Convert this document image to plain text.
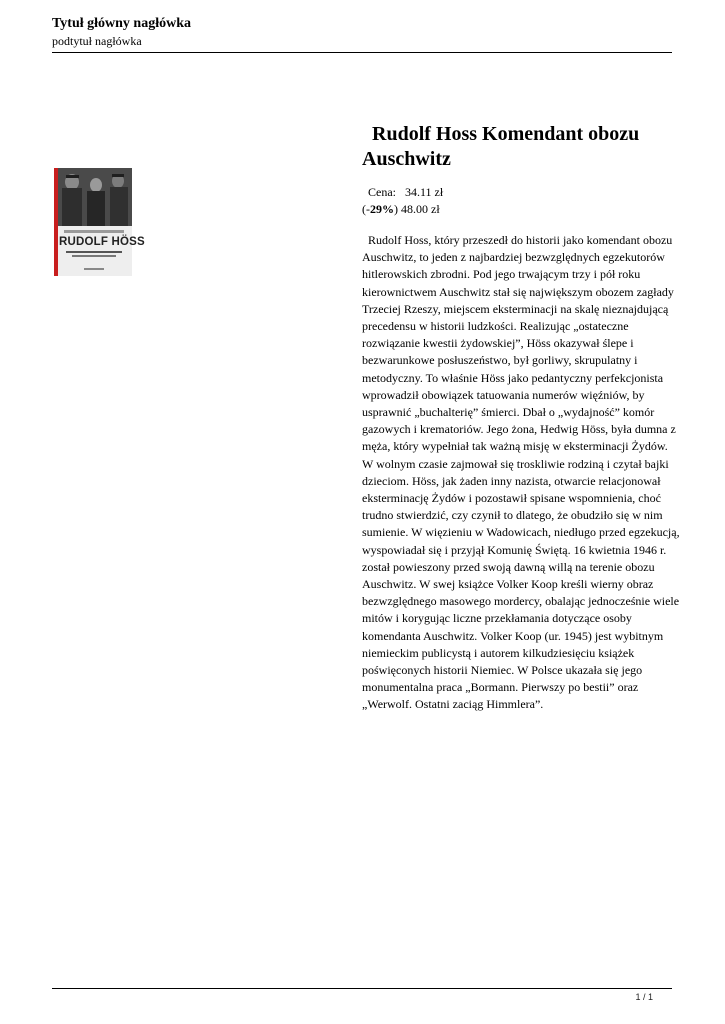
Tytuł główny nagłówka
podtytuł nagłówka
RUDOLF HÖSS
Rudolf Hoss Komendant obozu Auschwitz
Cena: 34.11 zł
(-29%) 48.00 zł

Rudolf Hoss, który przeszedł do historii jako komendant obozu Auschwitz, to jeden z najbardziej bezwzględnych egzekutorów hitlerowskich zbrodni. Pod jego trwającym trzy i pół roku kierownictwem Auschwitz stał się największym obozem zagłady Trzeciej Rzeszy, miejscem eksterminacji na skalę nieznajdującą precedensu w historii ludzkości. Realizując „ostateczne rozwiązanie kwestii żydowskiej”, Höss okazywał ślepe i bezwarunkowe posłuszeństwo, był gorliwy, skrupulatny i metodyczny. To właśnie Höss jako pedantyczny perfekcjonista wprowadził obowiązek tatuowania numerów więźniów, by usprawnić „buchalterię” śmierci. Dbał o „wydajność” komór gazowych i krematoriów. Jego żona, Hedwig Höss, była dumna z męża, który wypełniał tak ważną misję w eksterminacji Żydów. W wolnym czasie zajmował się troskliwie rodziną i czytał bajki dzieciom. Höss, jak żaden inny nazista, otwarcie relacjonował eksterminację Żydów i pozostawił spisane wspomnienia, choć trudno stwierdzić, czy czynił to dlatego, że obudziło się w nim sumienie. W więzieniu w Wadowicach, niedługo przed egzekucją, wyspowiadał się i przyjął Komunię Świętą. 16 kwietnia 1946 r. został powieszony przed swoją dawną willą na terenie obozu Auschwitz. W swej książce Volker Koop kreśli wierny obraz bezwzględnego masowego mordercy, obalając jednocześnie wiele mitów i korygując liczne przekłamania dotyczące osoby komendanta Auschwitz. Volker Koop (ur. 1945) jest wybitnym niemieckim publicystą i autorem kilkudziesięciu książek poświęconych historii Niemiec. W Polsce ukazała się jego monumentalna praca „Bormann. Pierwszy po bestii” oraz „Werwolf. Ostatni zaciąg Himmlera”.

1 / 1
